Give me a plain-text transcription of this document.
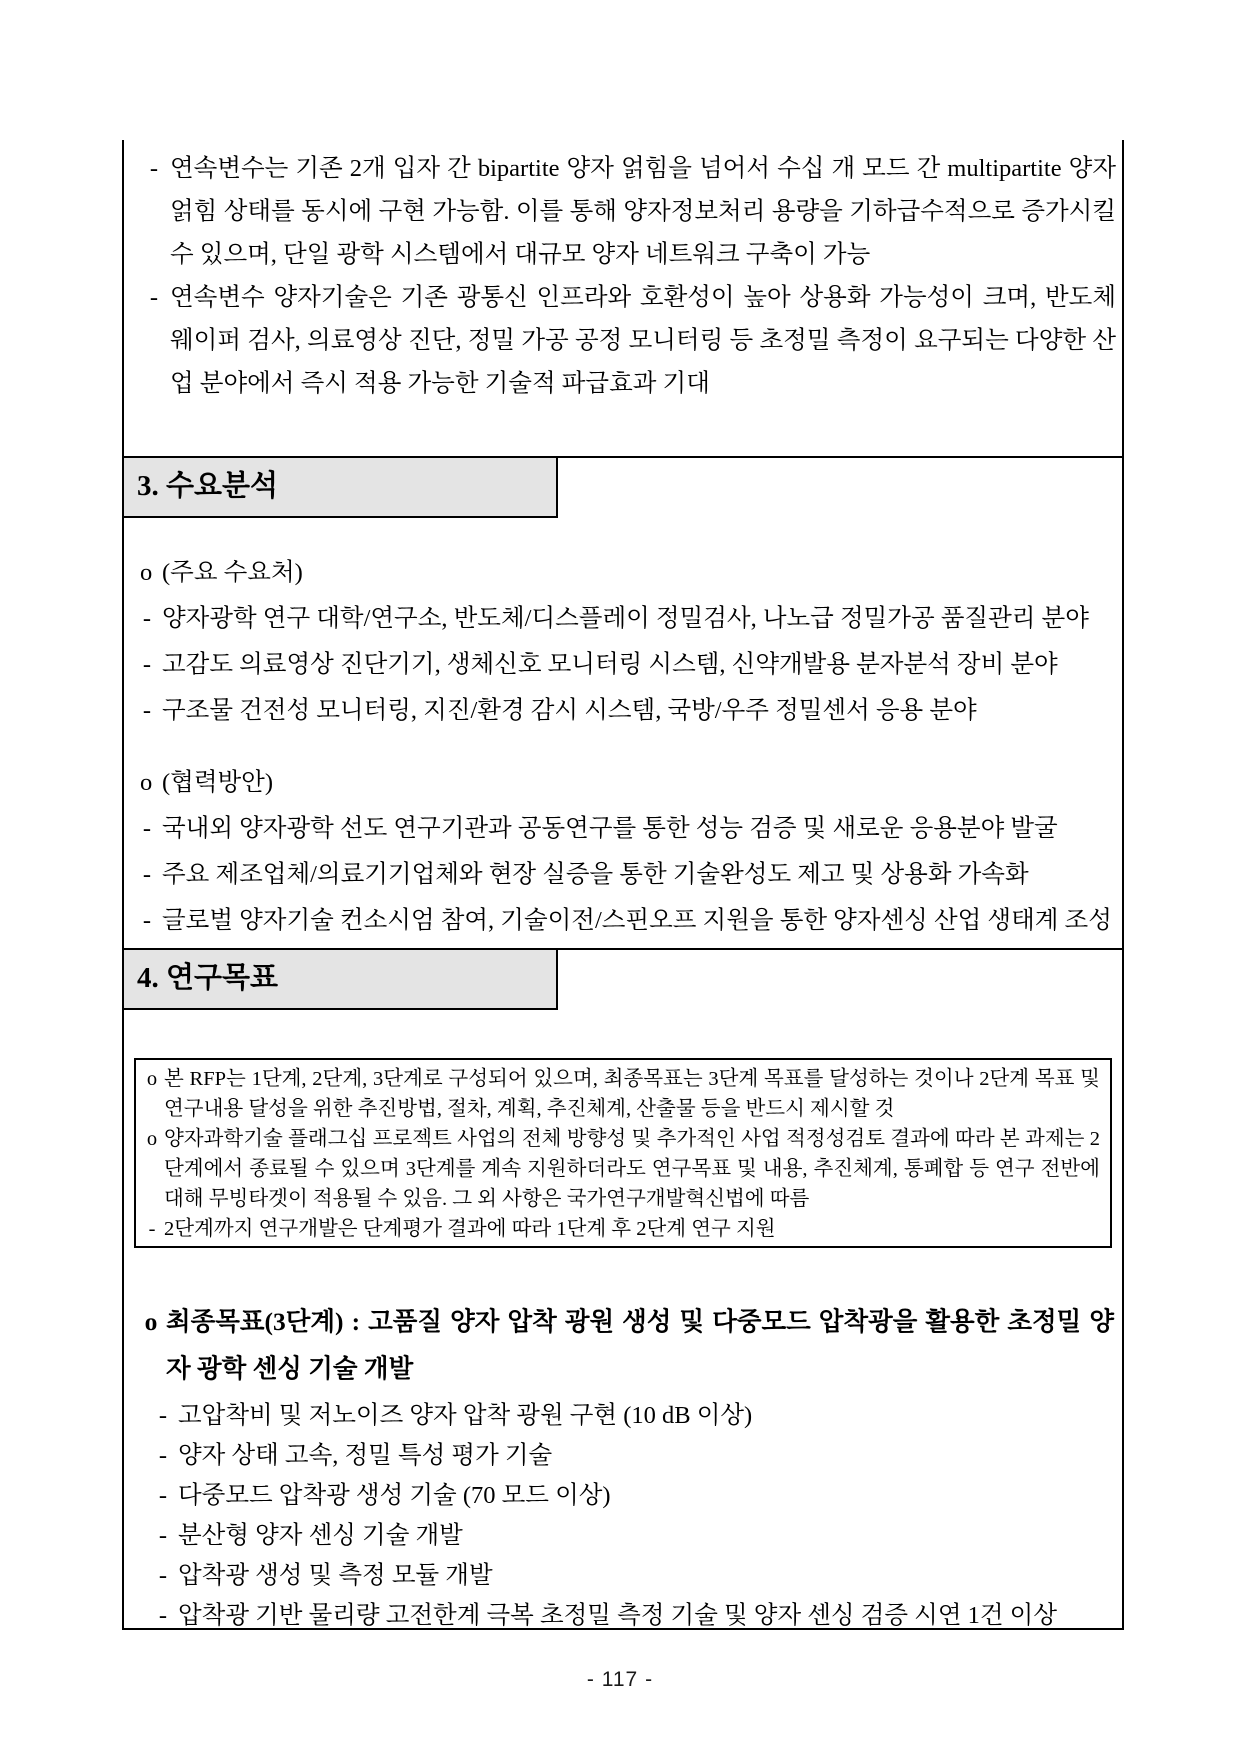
- 연속변수는 기존 2개 입자 간 bipartite 양자 얽힘을 넘어서 수십 개 모드 간 multipartite 양자 얽힘 상태를 동시에 구현 가능함. 이를 통해 양자정보처리 용량을 기하급수적으로 증가시킬 수 있으며, 단일 광학 시스템에서 대규모 양자 네트워크 구축이 가능
- 연속변수 양자기술은 기존 광통신 인프라와 호환성이 높아 상용화 가능성이 크며, 반도체 웨이퍼 검사, 의료영상 진단, 정밀 가공 공정 모니터링 등 초정밀 측정이 요구되는 다양한 산업 분야에서 즉시 적용 가능한 기술적 파급효과 기대
3. 수요분석
o (주요 수요처)
- 양자광학 연구 대학/연구소, 반도체/디스플레이 정밀검사, 나노급 정밀가공 품질관리 분야
- 고감도 의료영상 진단기기, 생체신호 모니터링 시스템, 신약개발용 분자분석 장비 분야
- 구조물 건전성 모니터링, 지진/환경 감시 시스템, 국방/우주 정밀센서 응용 분야
o (협력방안)
- 국내외 양자광학 선도 연구기관과 공동연구를 통한 성능 검증 및 새로운 응용분야 발굴
- 주요 제조업체/의료기기업체와 현장 실증을 통한 기술완성도 제고 및 상용화 가속화
- 글로벌 양자기술 컨소시엄 참여, 기술이전/스핀오프 지원을 통한 양자센싱 산업 생태계 조성
4. 연구목표
o 본 RFP는 1단계, 2단계, 3단계로 구성되어 있으며, 최종목표는 3단계 목표를 달성하는 것이나 2단계 목표 및 연구내용 달성을 위한 추진방법, 절차, 계획, 추진체계, 산출물 등을 반드시 제시할 것
o 양자과학기술 플래그십 프로젝트 사업의 전체 방향성 및 추가적인 사업 적정성검토 결과에 따라 본 과제는 2단계에서 종료될 수 있으며 3단계를 계속 지원하더라도 연구목표 및 내용, 추진체계, 통폐합 등 연구 전반에 대해 무빙타겟이 적용될 수 있음. 그 외 사항은 국가연구개발혁신법에 따름
- 2단계까지 연구개발은 단계평가 결과에 따라 1단계 후 2단계 연구 지원
o 최종목표(3단계) : 고품질 양자 압착 광원 생성 및 다중모드 압착광을 활용한 초정밀 양자 광학 센싱 기술 개발
- 고압착비 및 저노이즈 양자 압착 광원 구현 (10 dB 이상)
- 양자 상태 고속, 정밀 특성 평가 기술
- 다중모드 압착광 생성 기술 (70 모드 이상)
- 분산형 양자 센싱 기술 개발
- 압착광 생성 및 측정 모듈 개발
- 압착광 기반 물리량 고전한계 극복 초정밀 측정 기술 및 양자 센싱 검증 시연 1건 이상
- 117 -
